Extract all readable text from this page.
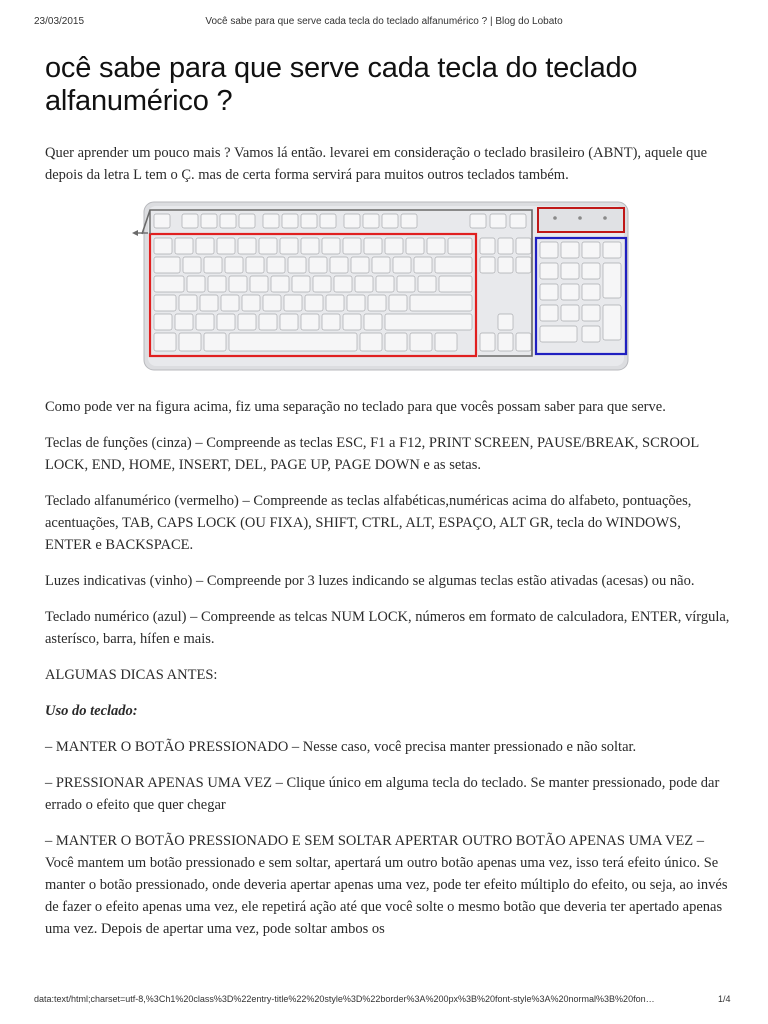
23/03/2015	Você sabe para que serve cada tecla do teclado alfanumérico ? | Blog do Lobato
ocê sabe para que serve cada tecla do teclado alfanumérico ?

Quer aprender um pouco mais ? Vamos lá então. levarei em consideração o teclado brasileiro (ABNT), aquele que depois da letra L tem o Ç. mas de certa forma servirá para muitos outros teclados também.

Como pode ver na figura acima, fiz uma separação no teclado para que vocês possam saber para que serve.

Teclas de funções (cinza) – Compreende as teclas ESC, F1 a F12, PRINT SCREEN, PAUSE/BREAK, SCROOL LOCK, END, HOME, INSERT, DEL, PAGE UP, PAGE DOWN e as setas.

Teclado alfanumérico (vermelho) – Compreende as teclas alfabéticas,numéricas acima do alfabeto, pontuações, acentuações, TAB, CAPS LOCK (OU FIXA), SHIFT, CTRL, ALT, ESPAÇO, ALT GR, tecla do WINDOWS, ENTER e BACKSPACE.

Luzes indicativas (vinho) – Compreende por 3 luzes indicando se algumas teclas estão ativadas (acesas) ou não.

Teclado numérico (azul) – Compreende as telcas NUM LOCK, números em formato de calculadora, ENTER, vírgula, asterísco, barra, hífen e mais.

ALGUMAS DICAS ANTES:

Uso do teclado:

– MANTER O BOTÃO PRESSIONADO – Nesse caso, você precisa manter pressionado e não soltar.

– PRESSIONAR APENAS UMA VEZ – Clique único em alguma tecla do teclado. Se manter pressionado, pode dar errado o efeito que quer chegar

– MANTER O BOTÃO PRESSIONADO E SEM SOLTAR APERTAR OUTRO BOTÃO APENAS UMA VEZ – Você mantem um botão pressionado e sem soltar, apertará um outro botão apenas uma vez, isso terá efeito único. Se manter o botão pressionado, onde deveria apertar apenas uma vez, pode ter efeito múltiplo do efeito, ou seja, ao invés de fazer o efeito apenas uma vez, ele repetirá ação até que você solte o mesmo botão que deveria ter apertado apenas uma vez. Depois de apertar uma vez, pode soltar ambos os

data:text/html;charset=utf-8,%3Ch1%20class%3D%22entry-title%22%20style%3D%22border%3A%200px%3B%20font-style%3A%20normal%3B%20fon…	1/4
